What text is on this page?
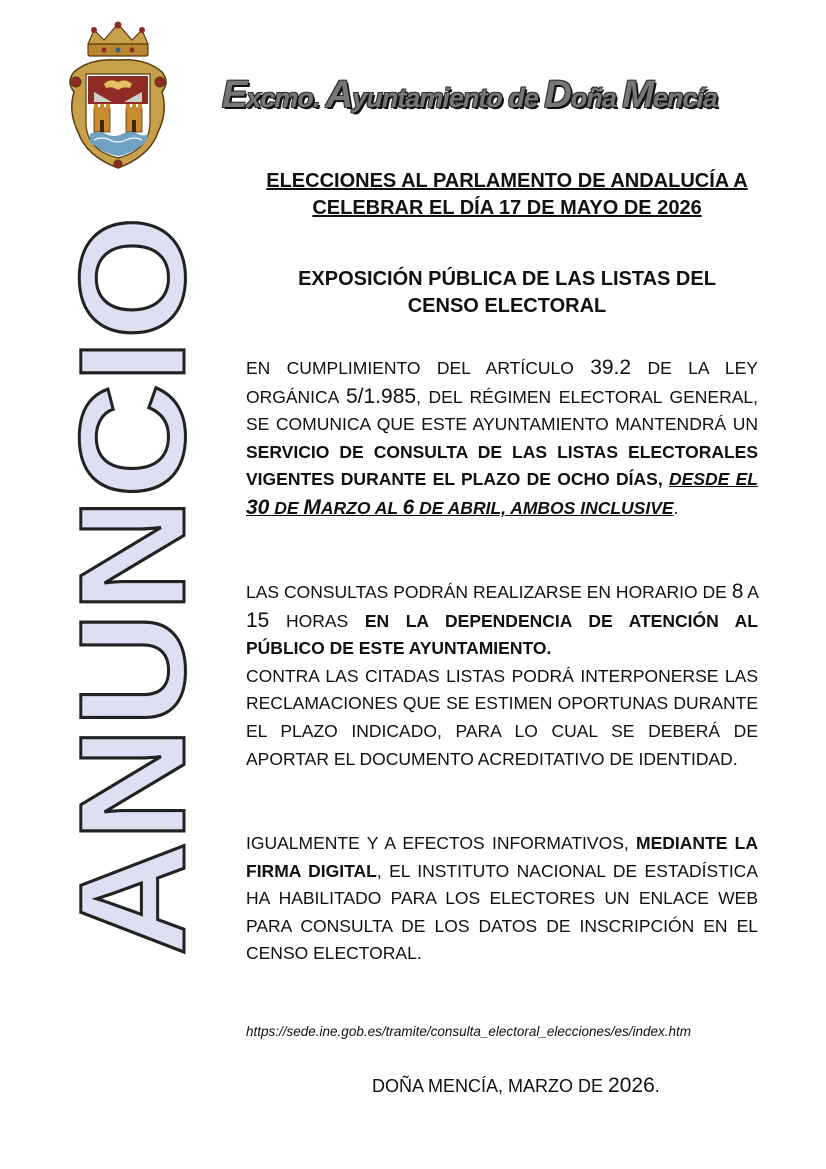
Excmo. Ayuntamiento de Doña Mencía
ANUNCIO
ELECCIONES AL PARLAMENTO DE ANDALUCÍA A
CELEBRAR EL DÍA 17 DE MAYO DE 2026
EXPOSICIÓN PÚBLICA DE LAS LISTAS DEL
CENSO ELECTORAL
EN CUMPLIMIENTO DEL ARTÍCULO 39.2 DE LA LEY ORGÁNICA 5/1.985, DEL RÉGIMEN ELECTORAL GENERAL, SE COMUNICA QUE ESTE AYUNTAMIENTO MANTENDRÁ UN SERVICIO DE CONSULTA DE LAS LISTAS ELECTORALES VIGENTES DURANTE EL PLAZO DE OCHO DÍAS, DESDE EL 30 DE MARZO AL 6 DE ABRIL, AMBOS INCLUSIVE.
LAS CONSULTAS PODRÁN REALIZARSE EN HORARIO DE 8 A 15 HORAS EN LA DEPENDENCIA DE ATENCIÓN AL PÚBLICO DE ESTE AYUNTAMIENTO.
CONTRA LAS CITADAS LISTAS PODRÁ INTERPONERSE LAS RECLAMACIONES QUE SE ESTIMEN OPORTUNAS DURANTE EL PLAZO INDICADO, PARA LO CUAL SE DEBERÁ DE APORTAR EL DOCUMENTO ACREDITATIVO DE IDENTIDAD.
IGUALMENTE Y A EFECTOS INFORMATIVOS, MEDIANTE LA FIRMA DIGITAL, EL INSTITUTO NACIONAL DE ESTADÍSTICA HA HABILITADO PARA LOS ELECTORES UN ENLACE WEB PARA CONSULTA DE LOS DATOS DE INSCRIPCIÓN EN EL CENSO ELECTORAL.
https://sede.ine.gob.es/tramite/consulta_electoral_elecciones/es/index.htm
DOÑA MENCÍA, MARZO DE 2026.
